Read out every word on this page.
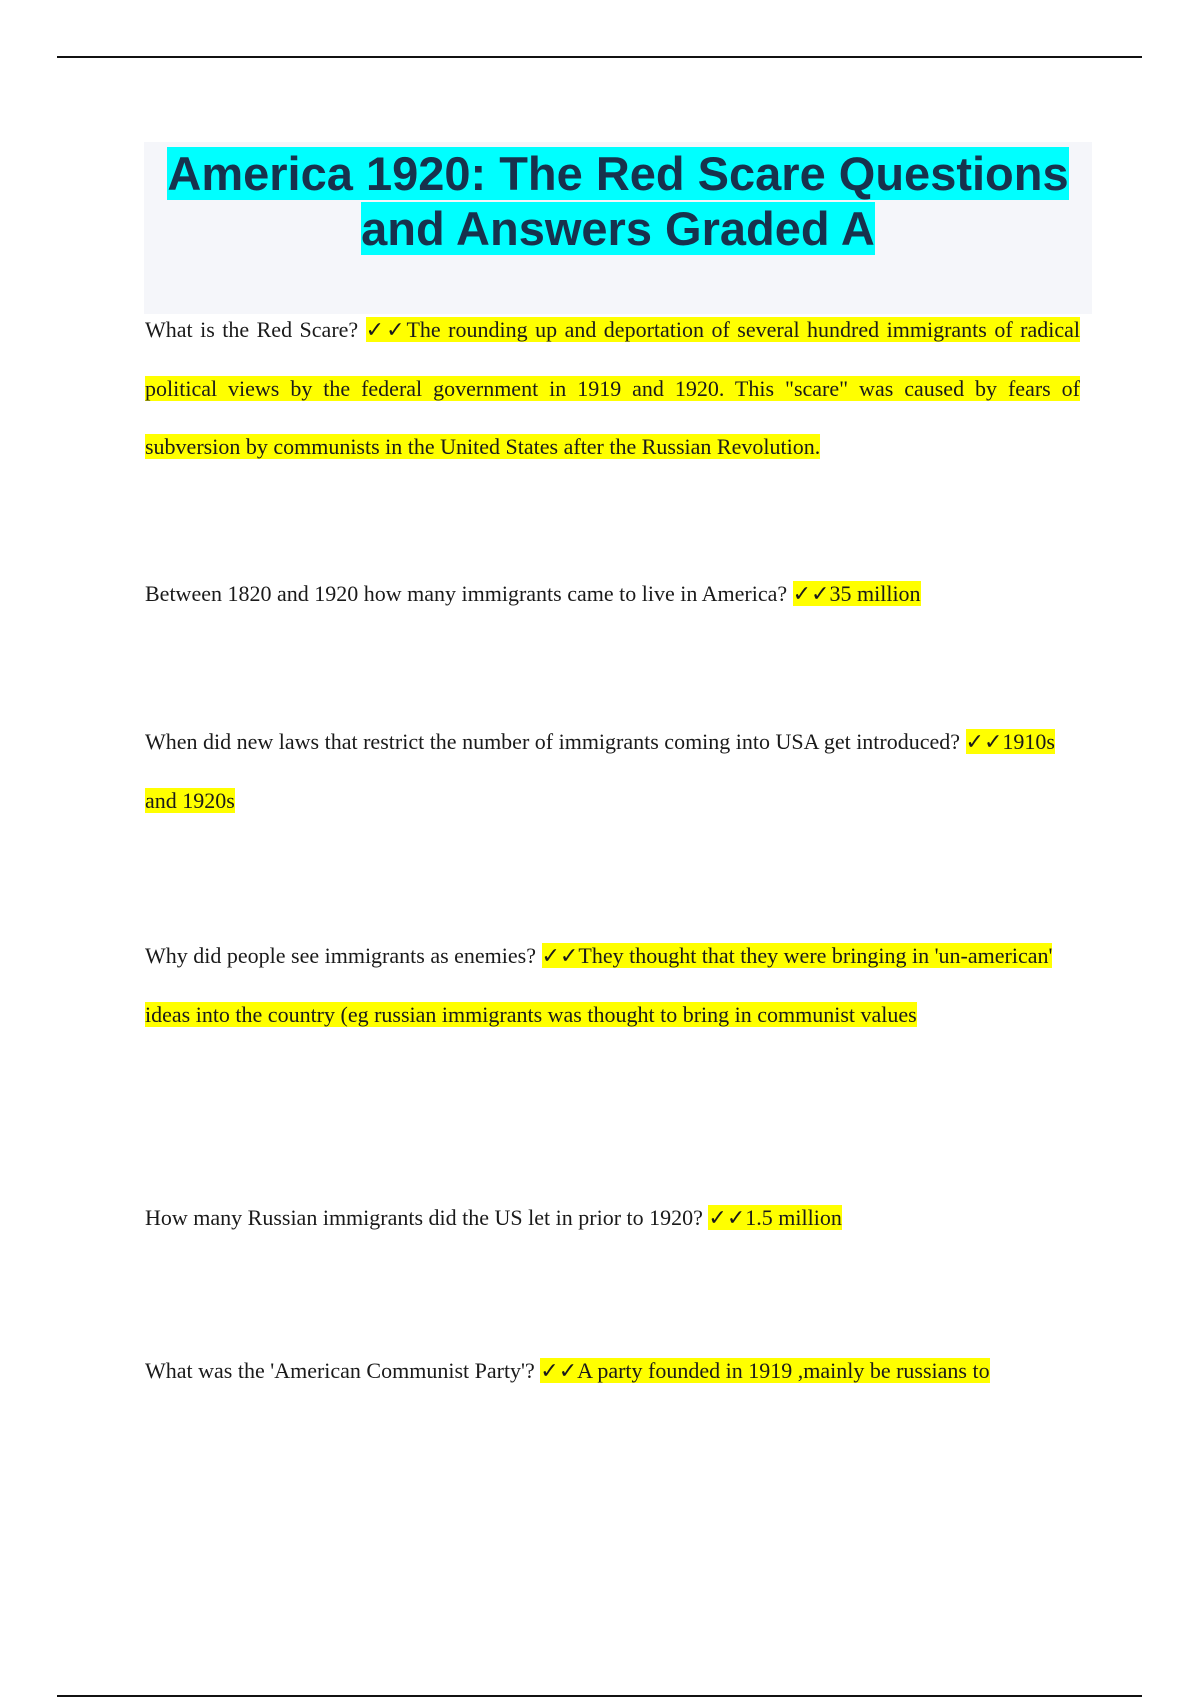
America 1920: The Red Scare Questions and Answers Graded A

What is the Red Scare? ✓✓The rounding up and deportation of several hundred immigrants of radical political views by the federal government in 1919 and 1920. This "scare" was caused by fears of subversion by communists in the United States after the Russian Revolution.

Between 1820 and 1920 how many immigrants came to live in America? ✓✓35 million

When did new laws that restrict the number of immigrants coming into USA get introduced? ✓✓1910s and 1920s

Why did people see immigrants as enemies? ✓✓They thought that they were bringing in 'un-american' ideas into the country (eg russian immigrants was thought to bring in communist values

How many Russian immigrants did the US let in prior to 1920? ✓✓1.5 million

What was the 'American Communist Party'? ✓✓A party founded in 1919 ,mainly be russians to
